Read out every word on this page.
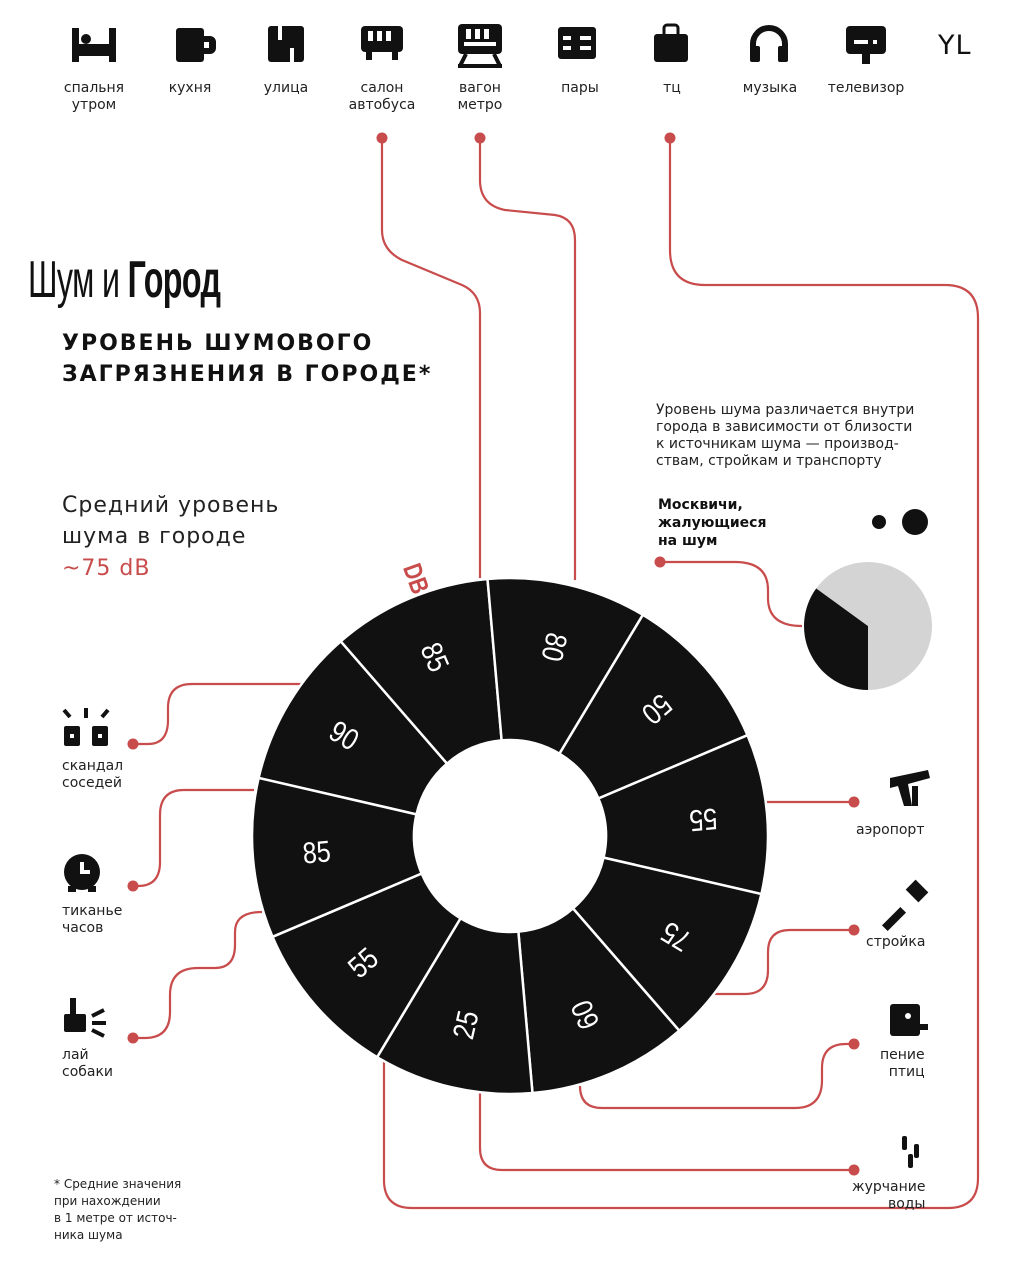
90
85	80
50
55
75
60
25
55
85
DB
YL
Шум и Город
УРОВЕНЬ ШУМОВОГО
ЗАГРЯЗНЕНИЯ В ГОРОДЕ*
Средний уровень
шума в городе
~75 dB
Уровень шума различается внутри
города в зависимости от близости
к источникам шума — производ-
ствам, стройкам и транспорту
Москвичи,
жалующиеся
на шум
* Средние значения
при нахождении
в 1 метре от источ-
ника шума
спальня
утром
кухня	улица	салон
автобуса
вагон
метро
пары	тц	музыка	телевизор
скандал
соседей
тиканье
часов
лай
собаки
аэропорт
стройка
пение
птиц
журчание
воды
